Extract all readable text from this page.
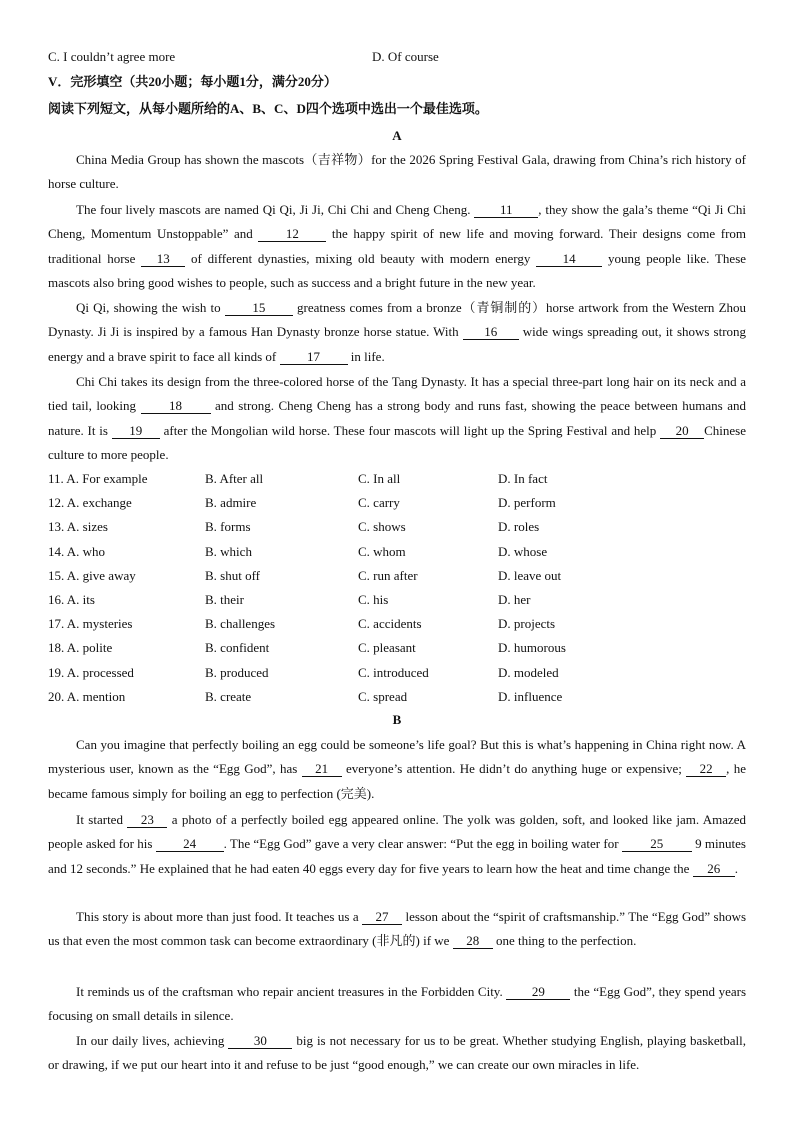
C. I couldn’t agree more	D. Of course
V．完形填空（共20小题；每小题1分，满分20分）
阅读下列短文，从每小题所给的A、B、C、D四个选项中选出一个最佳选项。
A

China Media Group has shown the mascots（吉祥物）for the 2026 Spring Festival Gala, drawing from China’s rich history of horse culture.

The four lively mascots are named Qi Qi, Ji Ji, Chi Chi and Cheng Cheng. 11 , they show the gala’s theme “Qi Ji Chi Cheng, Momentum Unstoppable” and	12	the happy spirit of new life and moving forward. Their designs come from traditional horse 13 of different dynasties, mixing old beauty with modern energy 14 young people like. These mascots also bring good wishes to people, such as success and a bright future in the new year.

Qi Qi, showing the wish to 15 greatness comes from a bronze（青铜制的）horse artwork from the Western Zhou Dynasty. Ji Ji is inspired by a famous Han Dynasty bronze horse statue. With 16 wide wings spreading out, it shows strong energy and a brave spirit to face all kinds of 17 in life.

Chi Chi takes its design from the three-colored horse of the Tang Dynasty. It has a special three-part long hair on its neck and a tied tail, looking	18	and strong. Cheng Cheng has a strong body and runs fast, showing the peace between humans and nature. It is 19 after the Mongolian wild horse. These four mascots will light up the Spring Festival and help 20 Chinese culture to more people.

11. A. For example	B. After all	C. In all	D. In fact
12. A. exchange	B. admire	C. carry	D. perform
13. A. sizes	B. forms	C. shows	D. roles
14. A. who	B. which	C. whom	D. whose
15. A. give away	B. shut off	C. run after	D. leave out
16. A. its	B. their	C. his	D. her
17. A. mysteries	B. challenges	C. accidents	D. projects
18. A. polite	B. confident	C. pleasant	D. humorous
19. A. processed	B. produced	C. introduced	D. modeled
20. A. mention	B. create	C. spread	D. influence
B

Can you imagine that perfectly boiling an egg could be someone’s life goal? But this is what’s happening in China right now. A mysterious user, known as the “Egg God”, has 21 everyone’s attention. He didn’t do anything huge or expensive; 22 , he became famous simply for boiling an egg to perfection (完美).

It started 23 a photo of a perfectly boiled egg appeared online. The yolk was golden, soft, and looked like jam. Amazed people asked for his 24 . The “Egg God” gave a very clear answer: “Put the egg in boiling water for 25 9 minutes and 12 seconds.” He explained that he had eaten 40 eggs every day for five years to learn how the heat and time change the 26 .

This story is about more than just food. It teaches us a 27 lesson about the “spirit of craftsmanship.” The “Egg God” shows us that even the most common task can become extraordinary (非凡的) if we 28 one thing to the perfection.

It reminds us of the craftsman who repair ancient treasures in the Forbidden City. 29 the “Egg God”, they spend years focusing on small details in silence.

In our daily lives, achieving 30 big is not necessary for us to be great. Whether studying English, playing basketball, or drawing, if we put our heart into it and refuse to be just “good enough,” we can create our own miracles in life.
